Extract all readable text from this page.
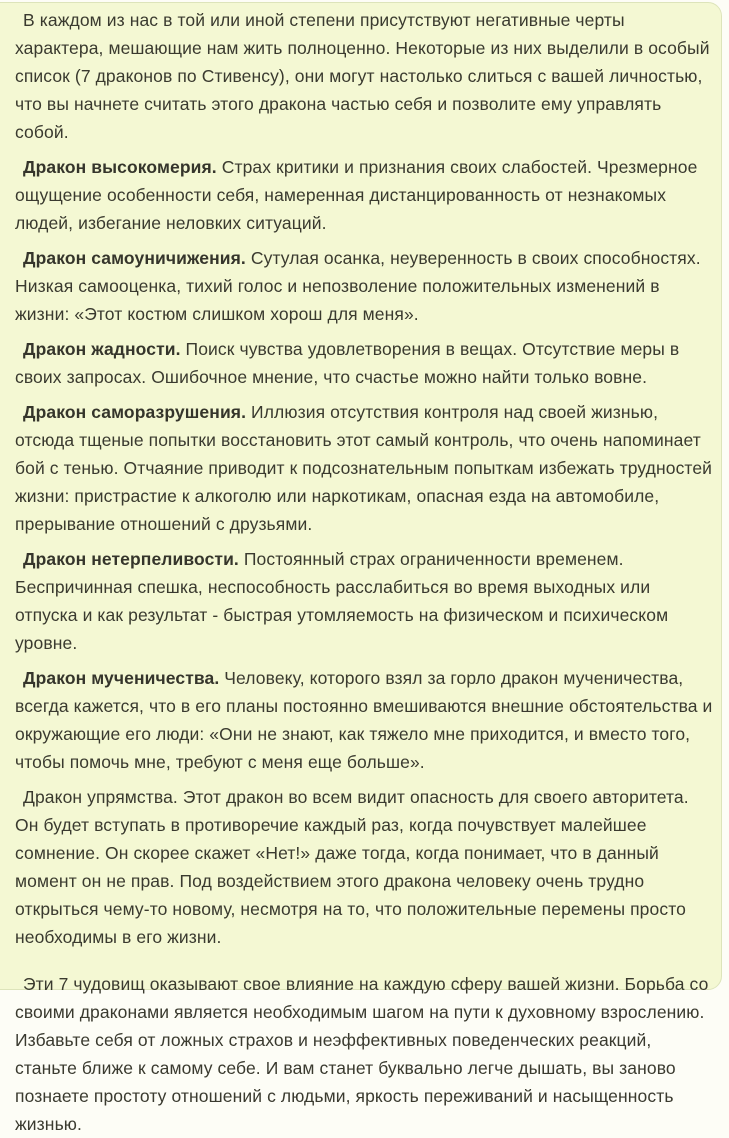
В каждом из нас в той или иной степени присутствуют негативные черты характера, мешающие нам жить полноценно. Некоторые из них выделили в особый список (7 драконов по Стивенсу), они могут настолько слиться с вашей личностью, что вы начнете считать этого дракона частью себя и позволите ему управлять собой.

Дракон высокомерия. Страх критики и признания своих слабостей. Чрезмерное ощущение особенности себя, намеренная дистанцированность от незнакомых людей, избегание неловких ситуаций.

Дракон самоуничижения. Сутулая осанка, неуверенность в своих способностях. Низкая самооценка, тихий голос и непозволение положительных изменений в жизни: «Этот костюм слишком хорош для меня».

Дракон жадности. Поиск чувства удовлетворения в вещах. Отсутствие меры в своих запросах. Ошибочное мнение, что счастье можно найти только вовне.

Дракон саморазрушения. Иллюзия отсутствия контроля над своей жизнью, отсюда тщеные попытки восстановить этот самый контроль, что очень напоминает бой с тенью. Отчаяние приводит к подсознательным попыткам избежать трудностей жизни: пристрастие к алкоголю или наркотикам, опасная езда на автомобиле, прерывание отношений с друзьями.

Дракон нетерпеливости. Постоянный страх ограниченности временем. Беспричинная спешка, неспособность расслабиться во время выходных или отпуска и как результат - быстрая утомляемость на физическом и психическом уровне.

Дракон мученичества. Человеку, которого взял за горло дракон мученичества, всегда кажется, что в его планы постоянно вмешиваются внешние обстоятельства и окружающие его люди: «Они не знают, как тяжело мне приходится, и вместо того, чтобы помочь мне, требуют с меня еще больше».

Дракон упрямства. Этот дракон во всем видит опасность для своего авторитета. Он будет вступать в противоречие каждый раз, когда почувствует малейшее сомнение. Он скорее скажет «Нет!» даже тогда, когда понимает, что в данный момент он не прав. Под воздействием этого дракона человеку очень трудно открыться чему-то новому, несмотря на то, что положительные перемены просто необходимы в его жизни.

Эти 7 чудовищ оказывают свое влияние на каждую сферу вашей жизни. Борьба со своими драконами является необходимым шагом на пути к духовному взрослению. Избавьте себя от ложных страхов и неэффективных поведенческих реакций, станьте ближе к самому себе. И вам станет буквально легче дышать, вы заново познаете простоту отношений с людьми, яркость переживаний и насыщенность жизнью.
